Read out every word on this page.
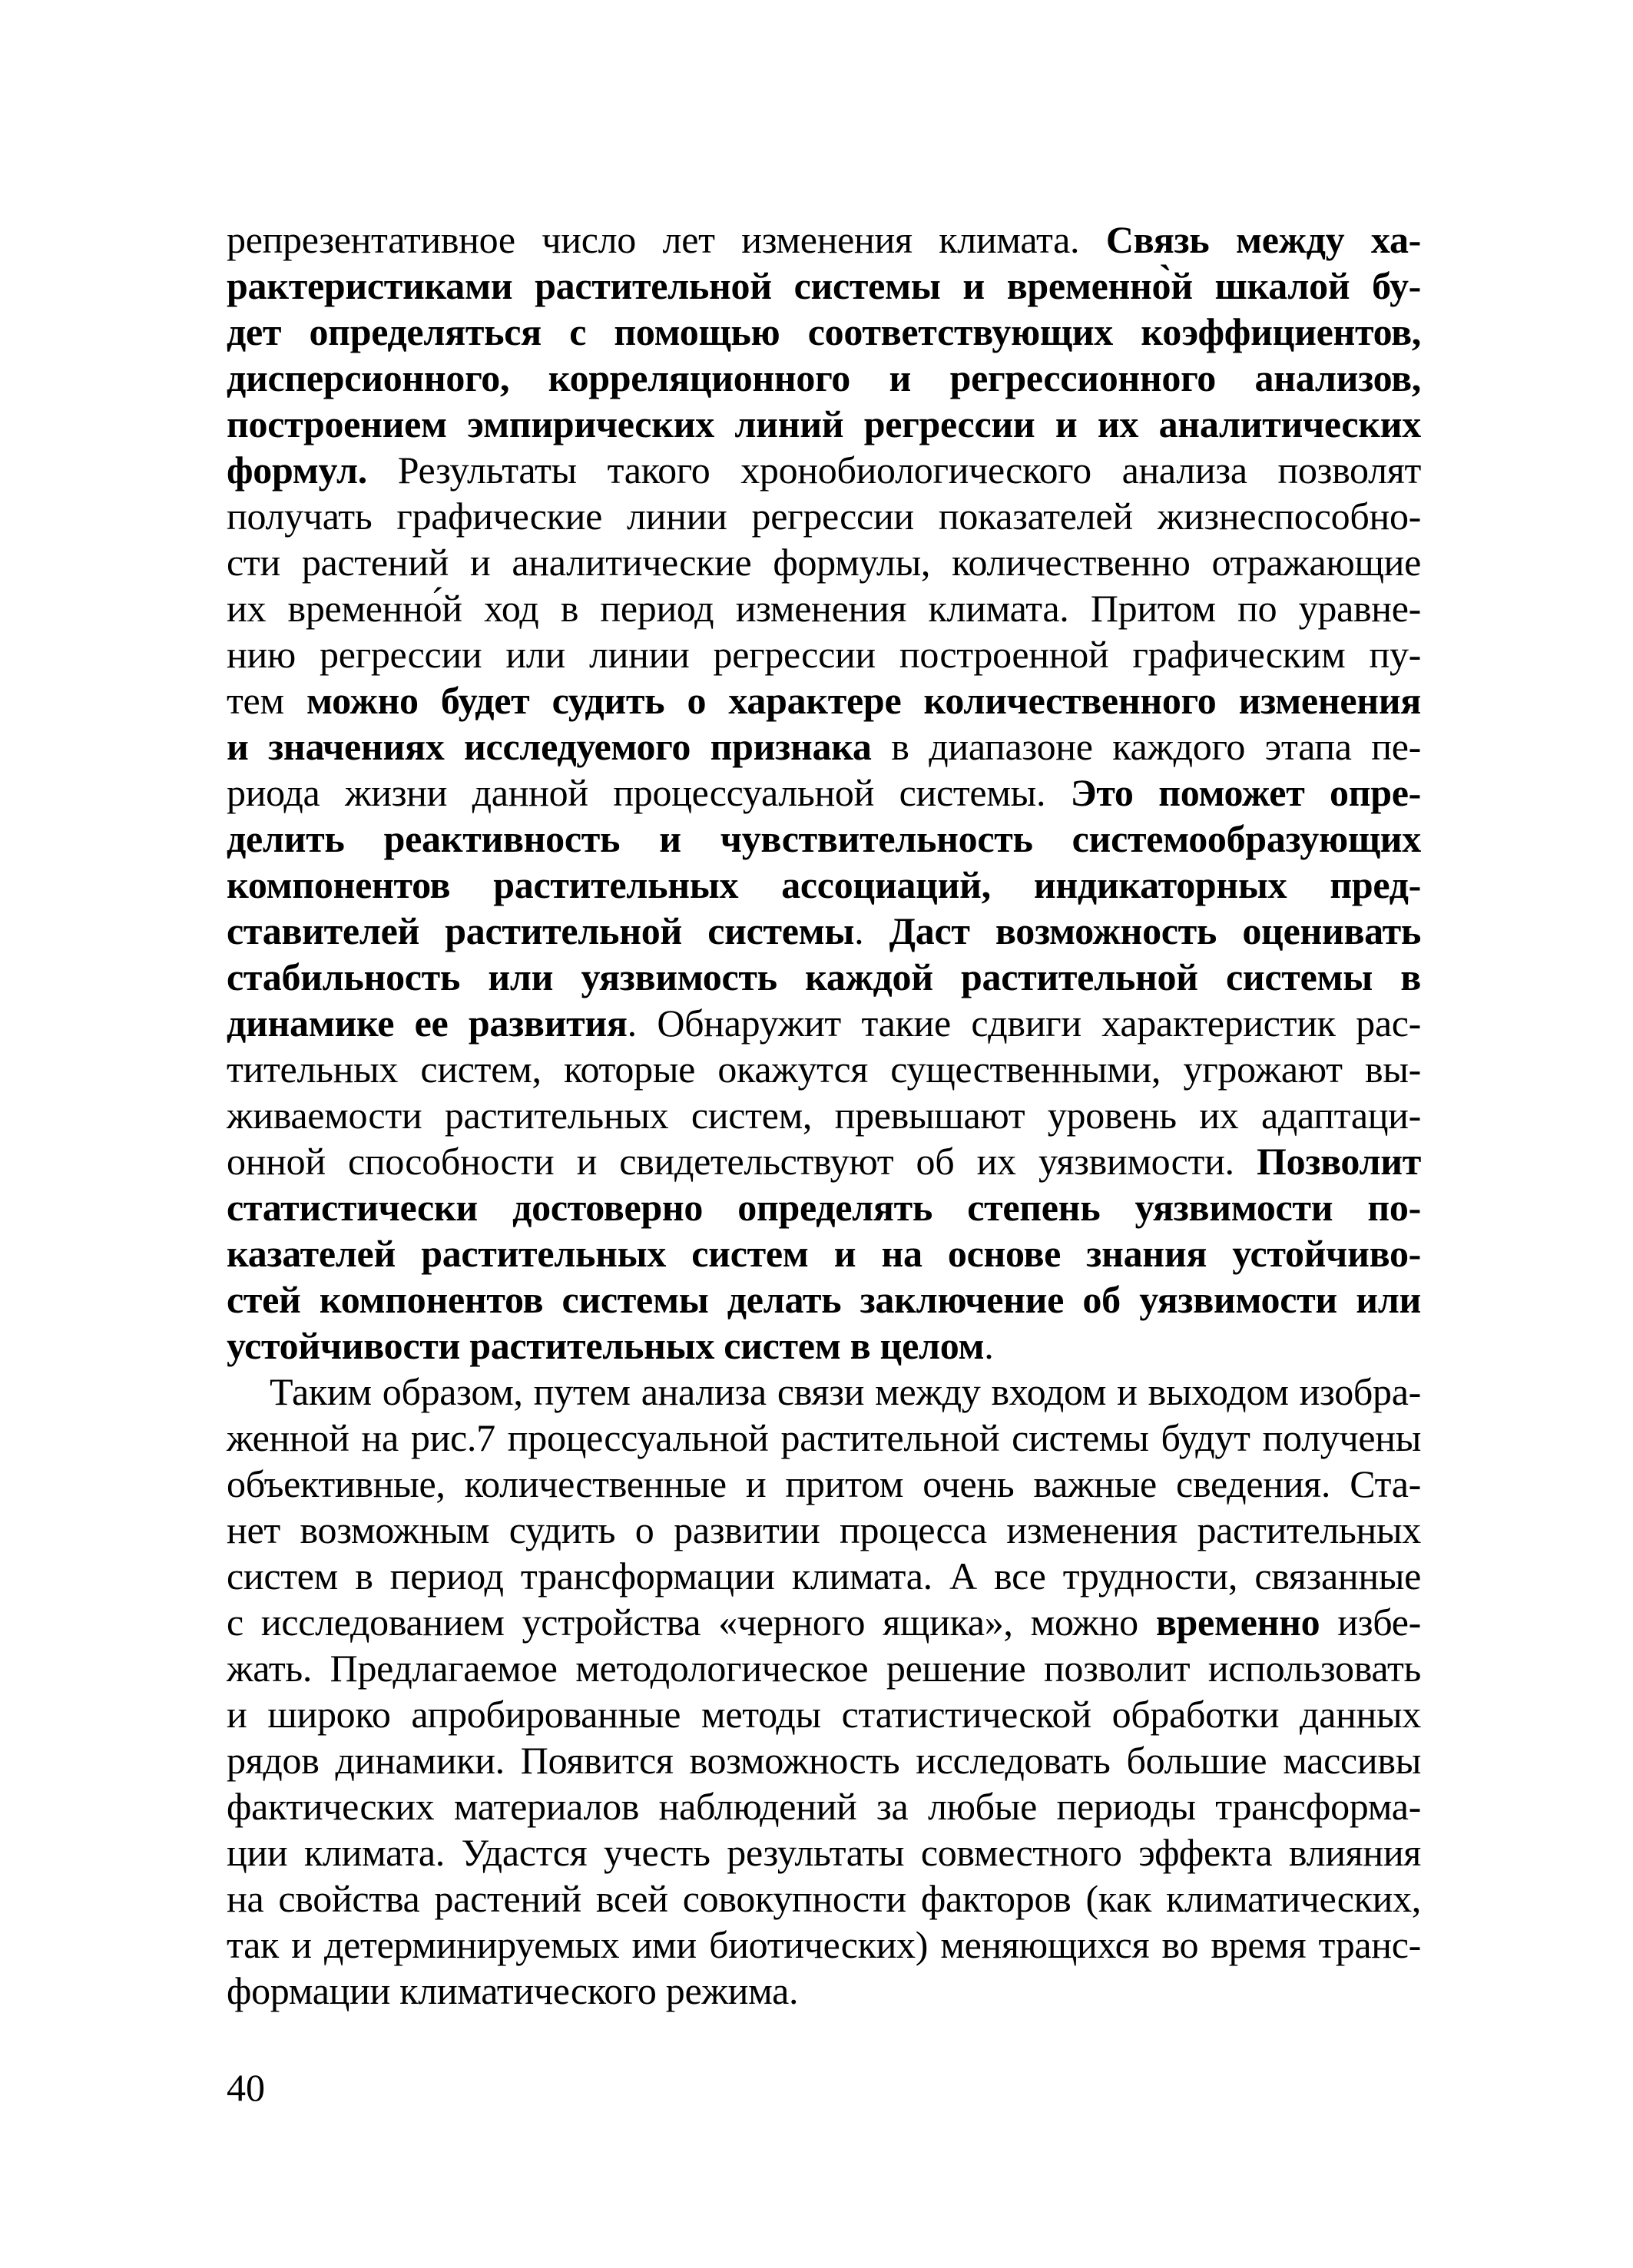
репрезентативное число лет изменения климата. Связь между ха-
рактеристиками растительной системы и временно̀й шкалой бу-
дет определяться с помощью соответствующих коэффициентов,
дисперсионного, корреляционного и регрессионного анализов,
построением эмпирических линий регрессии и их аналитических
формул. Результаты такого хронобиологического анализа позволят
получать графические линии регрессии показателей жизнеспособно-
сти растений и аналитические формулы, количественно отражающие
их временно́й ход в период изменения климата. Притом по уравне-
нию регрессии или линии регрессии построенной графическим пу-
тем можно будет судить о характере количественного изменения
и значениях исследуемого признака в диапазоне каждого этапа пе-
риода жизни данной процессуальной системы. Это поможет опре-
делить реактивность и чувствительность системообразующих
компонентов растительных ассоциаций, индикаторных пред-
ставителей растительной системы. Даст возможность оценивать
стабильность или уязвимость каждой растительной системы в
динамике ее развития. Обнаружит такие сдвиги характеристик рас-
тительных систем, которые окажутся существенными, угрожают вы-
живаемости растительных систем, превышают уровень их адаптаци-
онной способности и свидетельствуют об их уязвимости. Позволит
статистически достоверно определять степень уязвимости по-
казателей растительных систем и на основе знания устойчиво-
стей компонентов системы делать заключение об уязвимости или
устойчивости растительных систем в целом.
Таким образом, путем анализа связи между входом и выходом изобра-
женной на рис.7 процессуальной растительной системы будут получены
объективные, количественные и притом очень важные сведения. Ста-
нет возможным судить о развитии процесса изменения растительных
систем в период трансформации климата. А все трудности, связанные
с исследованием устройства «черного ящика», можно временно избе-
жать. Предлагаемое методологическое решение позволит использовать
и широко апробированные методы статистической обработки данных
рядов динамики. Появится возможность исследовать большие массивы
фактических материалов наблюдений за любые периоды трансформа-
ции климата. Удастся учесть результаты совместного эффекта влияния
на свойства растений всей совокупности факторов (как климатических,
так и детерминируемых ими биотических) меняющихся во время транс-
формации климатического режима.
40
